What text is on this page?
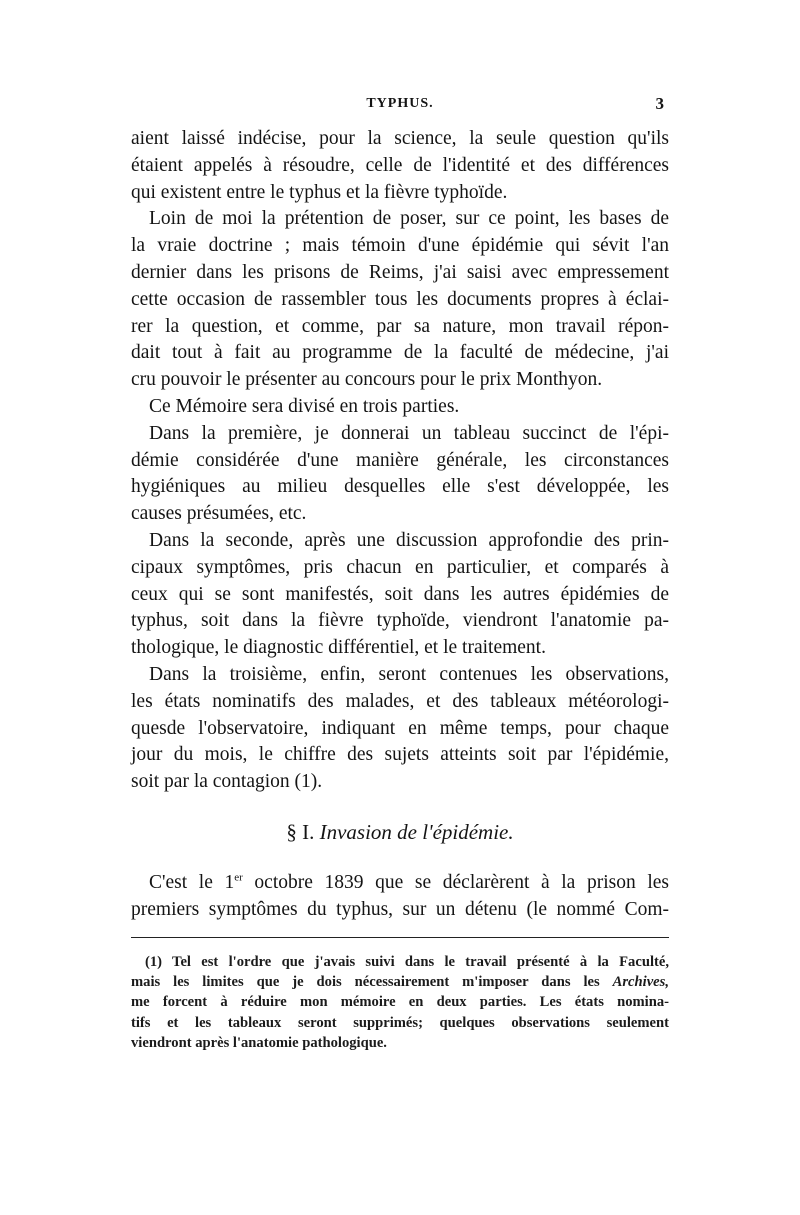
TYPHUS.	3
aient laissé indécise, pour la science, la seule question qu'ils
étaient appelés à résoudre, celle de l'identité et des différences
qui existent entre le typhus et la fièvre typhoïde.
Loin de moi la prétention de poser, sur ce point, les bases de
la vraie doctrine ; mais témoin d'une épidémie qui sévit l'an
dernier dans les prisons de Reims, j'ai saisi avec empressement
cette occasion de rassembler tous les documents propres à éclai-
rer la question, et comme, par sa nature, mon travail répon-
dait tout à fait au programme de la faculté de médecine, j'ai
cru pouvoir le présenter au concours pour le prix Monthyon.
Ce Mémoire sera divisé en trois parties.
Dans la première, je donnerai un tableau succinct de l'épi-
démie considérée d'une manière générale, les circonstances
hygiéniques au milieu desquelles elle s'est développée, les
causes présumées, etc.
Dans la seconde, après une discussion approfondie des prin-
cipaux symptômes, pris chacun en particulier, et comparés à
ceux qui se sont manifestés, soit dans les autres épidémies de
typhus, soit dans la fièvre typhoïde, viendront l'anatomie pa-
thologique, le diagnostic différentiel, et le traitement.
Dans la troisième, enfin, seront contenues les observations,
les états nominatifs des malades, et des tableaux météorologi-
quesde l'observatoire, indiquant en même temps, pour chaque
jour du mois, le chiffre des sujets atteints soit par l'épidémie,
soit par la contagion (1).
§ I. Invasion de l'épidémie.
C'est le 1er octobre 1839 que se déclarèrent à la prison les
premiers symptômes du typhus, sur un détenu (le nommé Com-
(1) Tel est l'ordre que j'avais suivi dans le travail présenté à la Faculté,
mais les limites que je dois nécessairement m'imposer dans les Archives,
me forcent à réduire mon mémoire en deux parties. Les états nomina-
tifs et les tableaux seront supprimés; quelques observations seulement
viendront après l'anatomie pathologique.
